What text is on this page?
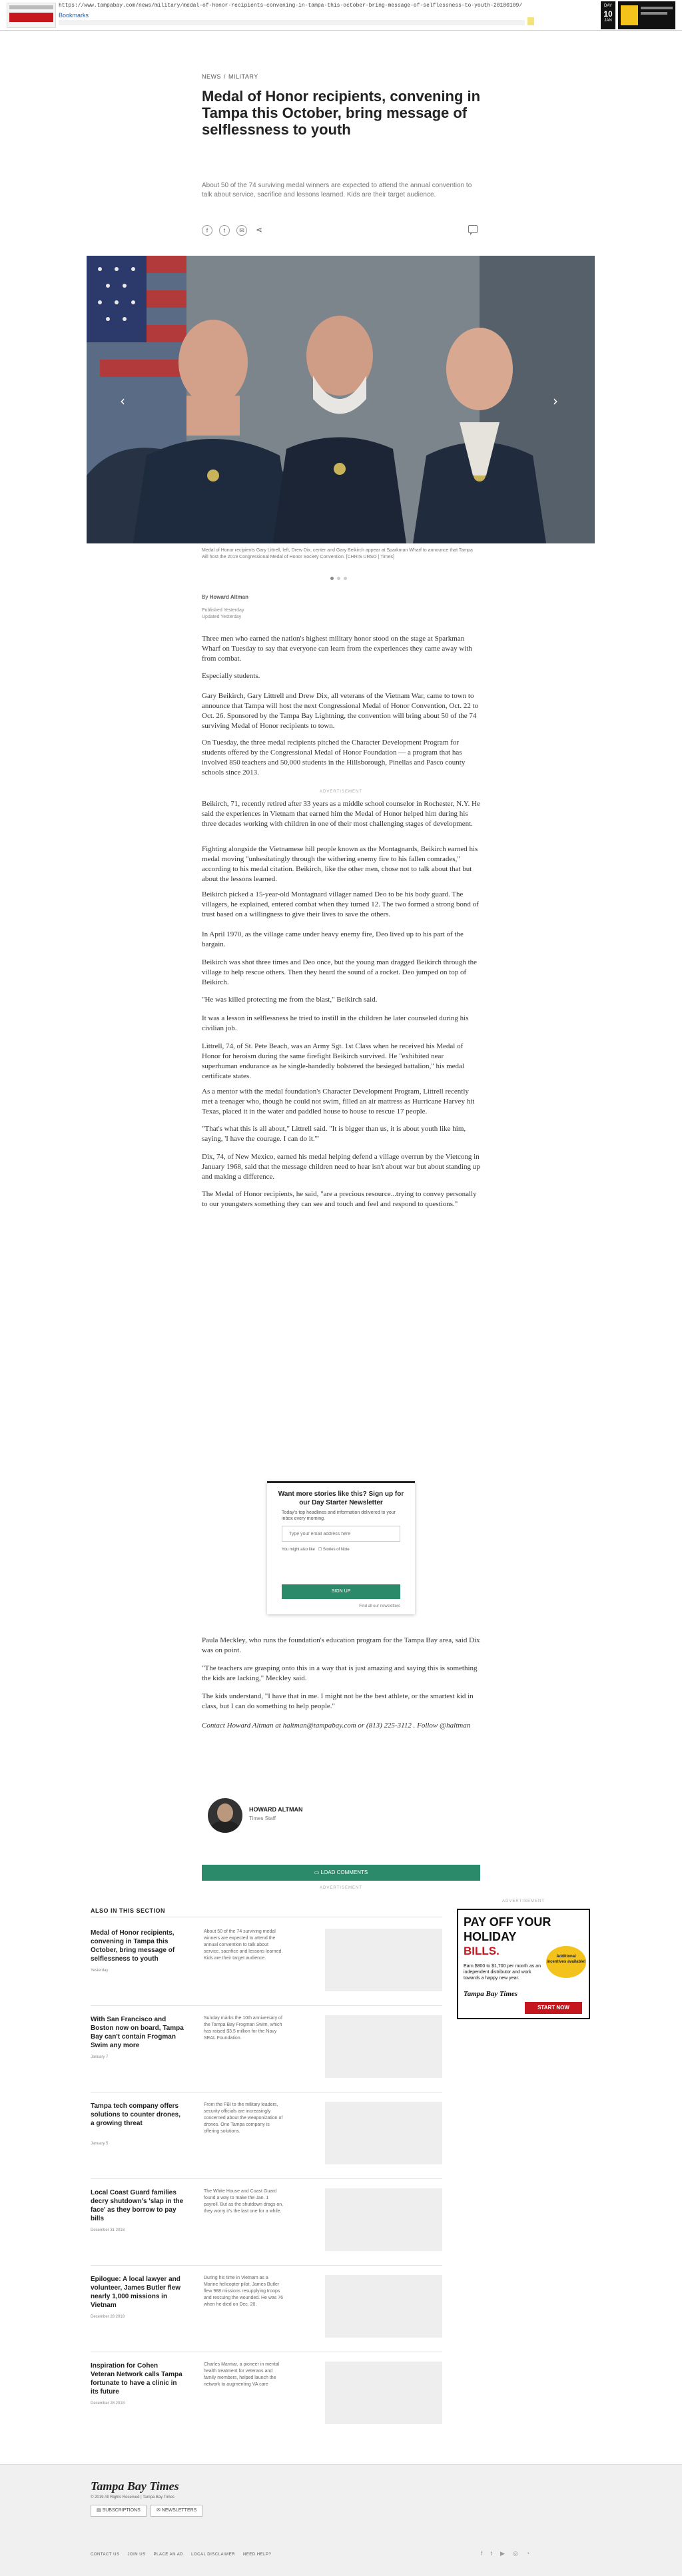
https://www.tampabay.com/news/military/medal-of-honor-recipients-convening-in-tampa-this-october-bring-message-of-selflessness-to-youth-20180109/
Bookmarks
DAY
10
JAN
NEWS / MILITARY
Medal of Honor recipients, convening in Tampa this October, bring message of selflessness to youth

About 50 of the 74 surviving medal winners are expected to attend the annual convention to talk about service, sacrifice and lessons learned. Kids are their target audience.

f	t	✉	⋖
‹	›

Medal of Honor recipients Gary Littrell, left, Drew Dix, center and Gary Beikirch appear at Sparkman Wharf to announce that Tampa will host the 2019 Congressional Medal of Honor Society Convention. [CHRIS URSO | Times]

By Howard Altman
Published Yesterday
Updated Yesterday

Three men who earned the nation's highest military honor stood on the stage at Sparkman Wharf on Tuesday to say that everyone can learn from the experiences they came away with from combat.

Especially students.

Gary Beikirch, Gary Littrell and Drew Dix, all veterans of the Vietnam War, came to town to announce that Tampa will host the next Congressional Medal of Honor Convention, Oct. 22 to Oct. 26. Sponsored by the Tampa Bay Lightning, the convention will bring about 50 of the 74 surviving Medal of Honor recipients to town.

On Tuesday, the three medal recipients pitched the Character Development Program for students offered by the Congressional Medal of Honor Foundation — a program that has involved 850 teachers and 50,000 students in the Hillsborough, Pinellas and Pasco county schools since 2013.

ADVERTISEMENT

Beikirch, 71, recently retired after 33 years as a middle school counselor in Rochester, N.Y. He said the experiences in Vietnam that earned him the Medal of Honor helped him during his three decades working with children in one of their most challenging stages of development.

Fighting alongside the Vietnamese hill people known as the Montagnards, Beikirch earned his medal moving "unhesitatingly through the withering enemy fire to his fallen comrades," according to his medal citation. Beikirch, like the other men, chose not to talk about that but about the lessons learned.

Beikirch picked a 15-year-old Montagnard villager named Deo to be his body guard. The villagers, he explained, entered combat when they turned 12. The two formed a strong bond of trust based on a willingness to give their lives to save the others.

In April 1970, as the village came under heavy enemy fire, Deo lived up to his part of the bargain.

Beikirch was shot three times and Deo once, but the young man dragged Beikirch through the village to help rescue others. Then they heard the sound of a rocket. Deo jumped on top of Beikirch.

"He was killed protecting me from the blast," Beikirch said.

It was a lesson in selflessness he tried to instill in the children he later counseled during his civilian job.

Littrell, 74, of St. Pete Beach, was an Army Sgt. 1st Class when he received his Medal of Honor for heroism during the same firefight Beikirch survived. He "exhibited near superhuman endurance as he single-handedly bolstered the besieged battalion," his medal certificate states.

As a mentor with the medal foundation's Character Development Program, Littrell recently met a teenager who, though he could not swim, filled an air mattress as Hurricane Harvey hit Texas, placed it in the water and paddled house to house to rescue 17 people.

"That's what this is all about," Littrell said. "It is bigger than us, it is about youth like him, saying, 'I have the courage. I can do it.'"

Dix, 74, of New Mexico, earned his medal helping defend a village overrun by the Vietcong in January 1968, said that the message children need to hear isn't about war but about standing up and making a difference.

The Medal of Honor recipients, he said, "are a precious resource...trying to convey personally to our youngsters something they can see and touch and feel and respond to questions."

Paula Meckley, who runs the foundation's education program for the Tampa Bay area, said Dix was on point.

"The teachers are grasping onto this in a way that is just amazing and saying this is something the kids are lacking," Meckley said.

The kids understand, "I have that in me. I might not be the best athlete, or the smartest kid in class, but I can do something to help people."

Contact Howard Altman at haltman@tampabay.com or (813) 225-3112 . Follow @haltman

Want more stories like this? Sign up for our Day Starter Newsletter
Today's top headlines and information delivered to your inbox every morning.
Type your email address here
You might also like ☐ Stories of Note
SIGN UP
Find all our newsletters
HOWARD ALTMAN
Times Staff
▭ LOAD COMMENTS
ADVERTISEMENT
ALSO IN THIS SECTION
Medal of Honor recipients, convening in Tampa this October, bring message of selflessness to youth
Yesterday
About 50 of the 74 surviving medal winners are expected to attend the annual convention to talk about service, sacrifice and lessons learned. Kids are their target audience.
With San Francisco and Boston now on board, Tampa Bay can't contain Frogman Swim any more
January 7
Sunday marks the 10th anniversary of the Tampa Bay Frogman Swim, which has raised $3.5 million for the Navy SEAL Foundation.
Tampa tech company offers solutions to counter drones, a growing threat
January 5
From the FBI to the military leaders, security officials are increasingly concerned about the weaponization of drones. One Tampa company is offering solutions.
Local Coast Guard families decry shutdown's 'slap in the face' as they borrow to pay bills
December 31 2018
The White House and Coast Guard found a way to make the Jan. 1 payroll. But as the shutdown drags on, they worry it's the last one for a while.
Epilogue: A local lawyer and volunteer, James Butler flew nearly 1,000 missions in Vietnam
December 28 2018
During his time in Vietnam as a Marine helicopter pilot, James Butler flew 988 missions resupplying troops and rescuing the wounded. He was 76 when he died on Dec. 20.
Inspiration for Cohen Veteran Network calls Tampa fortunate to have a clinic in its future
December 28 2018
Charles Marmar, a pioneer in mental health treatment for veterans and family members, helped launch the network to augmenting VA care
ADVERTISEMENT
PAY OFF YOUR
HOLIDAY
BILLS.	Additional incentives available!
Earn $800 to $1,700 per month as an independent distributor and work towards a happy new year.
Tampa Bay Times
START NOW
Tampa Bay Times
© 2019 All Rights Reserved | Tampa Bay Times
▤ SUBSCRIPTIONS	✉ NEWSLETTERS
CONTACT US JOIN US PLACE AN AD LOCAL DISCLAIMER NEED HELP?	f t ▶ ◎ ◔
